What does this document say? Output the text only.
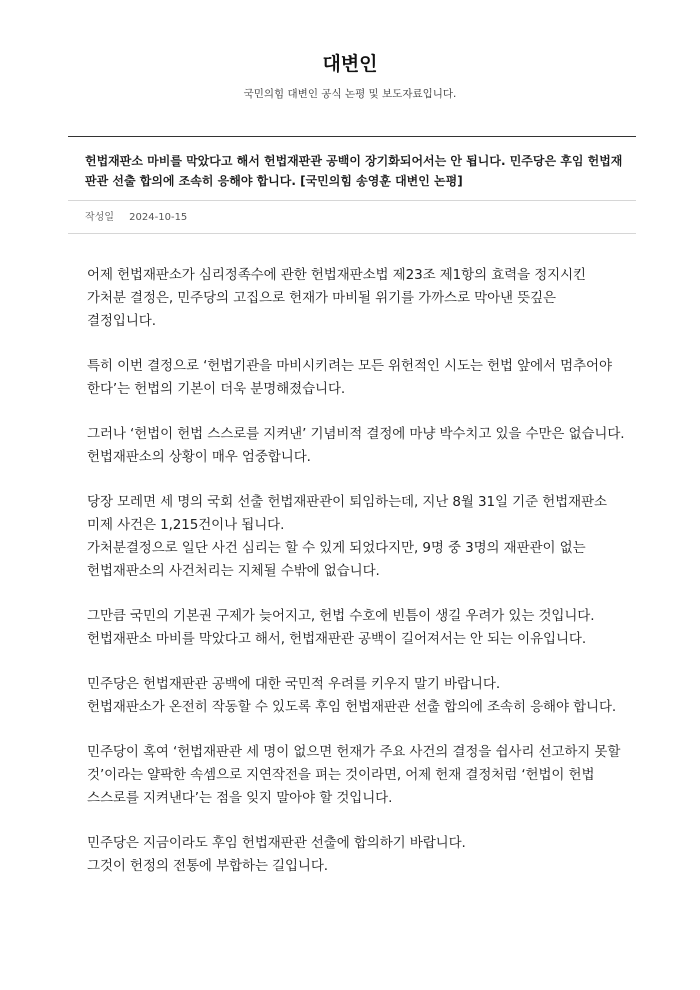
대변인
국민의힘 대변인 공식 논평 및 보도자료입니다.
헌법재판소 마비를 막았다고 해서 헌법재판관 공백이 장기화되어서는 안 됩니다. 민주당은 후임 헌법재판관 선출 합의에 조속히 응해야 합니다. [국민의힘 송영훈 대변인 논평]
작성일 2024-10-15

어제 헌법재판소가 심리정족수에 관한 헌법재판소법 제23조 제1항의 효력을 정지시킨 가처분 결정은, 민주당의 고집으로 헌재가 마비될 위기를 가까스로 막아낸 뜻깊은 결정입니다.

특히 이번 결정으로 ‘헌법기관을 마비시키려는 모든 위헌적인 시도는 헌법 앞에서 멈추어야 한다’는 헌법의 기본이 더욱 분명해졌습니다.

그러나 ‘헌법이 헌법 스스로를 지켜낸’ 기념비적 결정에 마냥 박수치고 있을 수만은 없습니다.
헌법재판소의 상황이 매우 엄중합니다.

당장 모레면 세 명의 국회 선출 헌법재판관이 퇴임하는데, 지난 8월 31일 기준 헌법재판소 미제 사건은 1,215건이나 됩니다.
가처분결정으로 일단 사건 심리는 할 수 있게 되었다지만, 9명 중 3명의 재판관이 없는 헌법재판소의 사건처리는 지체될 수밖에 없습니다.

그만큼 국민의 기본권 구제가 늦어지고, 헌법 수호에 빈틈이 생길 우려가 있는 것입니다.
헌법재판소 마비를 막았다고 해서, 헌법재판관 공백이 길어져서는 안 되는 이유입니다.

민주당은 헌법재판관 공백에 대한 국민적 우려를 키우지 말기 바랍니다.
헌법재판소가 온전히 작동할 수 있도록 후임 헌법재판관 선출 합의에 조속히 응해야 합니다.

민주당이 혹여 ‘헌법재판관 세 명이 없으면 헌재가 주요 사건의 결정을 쉽사리 선고하지 못할 것’이라는 얄팍한 속셈으로 지연작전을 펴는 것이라면, 어제 헌재 결정처럼 ‘헌법이 헌법 스스로를 지켜낸다’는 점을 잊지 말아야 할 것입니다.

민주당은 지금이라도 후임 헌법재판관 선출에 합의하기 바랍니다.
그것이 헌정의 전통에 부합하는 길입니다.
